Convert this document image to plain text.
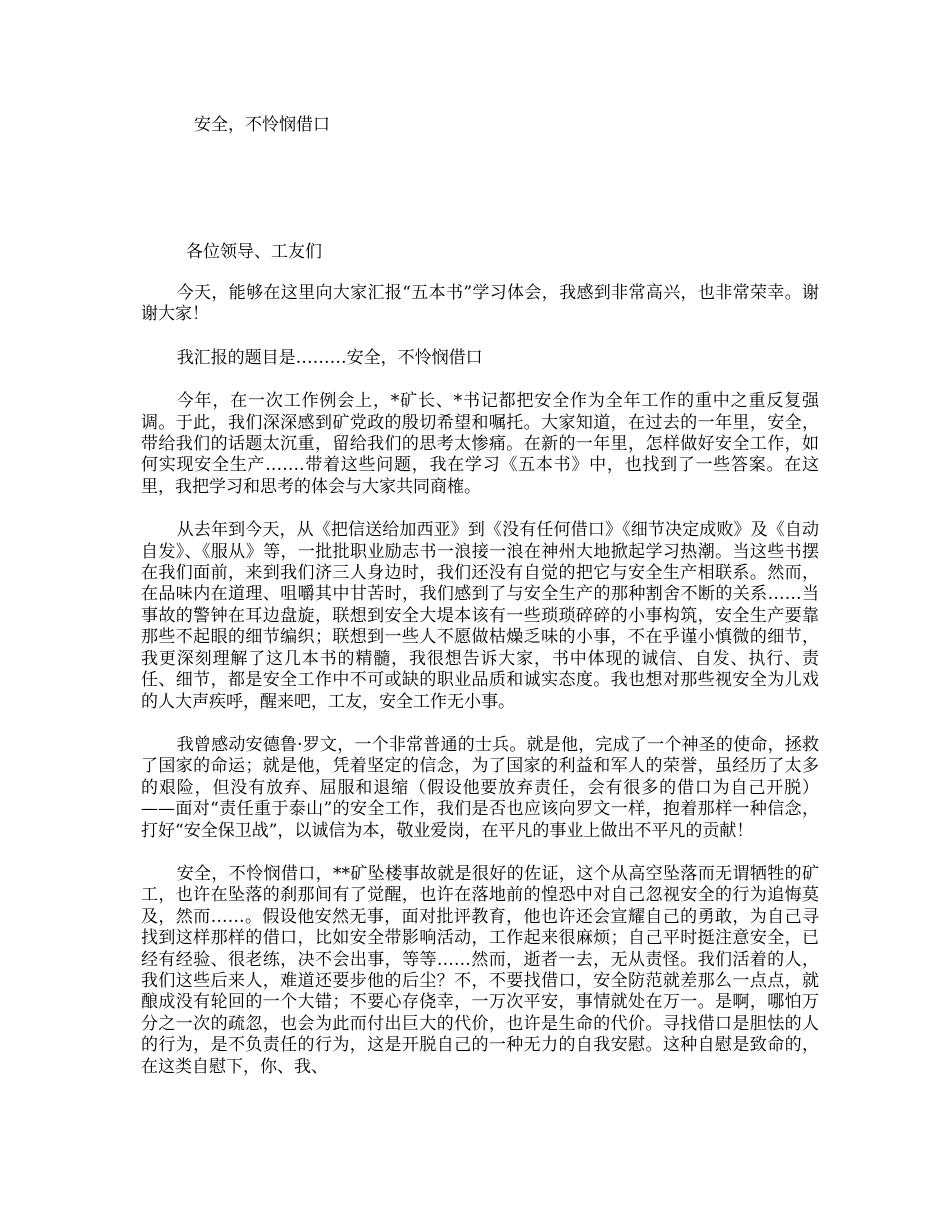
安全，不怜悯借口
各位领导、工友们

今天，能够在这里向大家汇报“五本书”学习体会，我感到非常高兴，也非常荣幸。谢谢大家！

我汇报的题目是………安全，不怜悯借口

今年，在一次工作例会上，*矿长、*书记都把安全作为全年工作的重中之重反复强调。于此，我们深深感到矿党政的殷切希望和嘱托。大家知道，在过去的一年里，安全，带给我们的话题太沉重，留给我们的思考太惨痛。在新的一年里，怎样做好安全工作，如何实现安全生产…….带着这些问题，我在学习《五本书》中，也找到了一些答案。在这里，我把学习和思考的体会与大家共同商榷。

从去年到今天，从《把信送给加西亚》到《没有任何借口》《细节决定成败》及《自动自发》、《服从》等，一批批职业励志书一浪接一浪在神州大地掀起学习热潮。当这些书摆在我们面前，来到我们济三人身边时，我们还没有自觉的把它与安全生产相联系。然而，在品味内在道理、咀嚼其中甘苦时，我们感到了与安全生产的那种割舍不断的关系……当事故的警钟在耳边盘旋，联想到安全大堤本该有一些琐琐碎碎的小事构筑，安全生产要靠那些不起眼的细节编织；联想到一些人不愿做枯燥乏味的小事，不在乎谨小慎微的细节，我更深刻理解了这几本书的精髓，我很想告诉大家，书中体现的诚信、自发、执行、责任、细节，都是安全工作中不可或缺的职业品质和诚实态度。我也想对那些视安全为儿戏的人大声疾呼，醒来吧，工友，安全工作无小事。

我曾感动安德鲁·罗文，一个非常普通的士兵。就是他，完成了一个神圣的使命，拯救了国家的命运；就是他，凭着坚定的信念，为了国家的利益和军人的荣誉，虽经历了太多的艰险，但没有放弃、屈服和退缩（假设他要放弃责任，会有很多的借口为自己开脱）——面对“责任重于泰山”的安全工作，我们是否也应该向罗文一样，抱着那样一种信念，打好“安全保卫战”，以诚信为本，敬业爱岗，在平凡的事业上做出不平凡的贡献！

安全，不怜悯借口，**矿坠楼事故就是很好的佐证，这个从高空坠落而无谓牺牲的矿工，也许在坠落的刹那间有了觉醒，也许在落地前的惶恐中对自己忽视安全的行为追悔莫及，然而……。假设他安然无事，面对批评教育，他也许还会宣耀自己的勇敢，为自己寻找到这样那样的借口，比如安全带影响活动，工作起来很麻烦；自己平时挺注意安全，已经有经验、很老练，决不会出事，等等……然而，逝者一去，无从责怪。我们活着的人，我们这些后来人，难道还要步他的后尘？不，不要找借口，安全防范就差那么一点点，就酿成没有轮回的一个大错；不要心存侥幸，一万次平安，事情就处在万一。是啊，哪怕万分之一次的疏忽，也会为此而付出巨大的代价，也许是生命的代价。寻找借口是胆怯的人的行为，是不负责任的行为，这是开脱自己的一种无力的自我安慰。这种自慰是致命的，在这类自慰下，你、我、
